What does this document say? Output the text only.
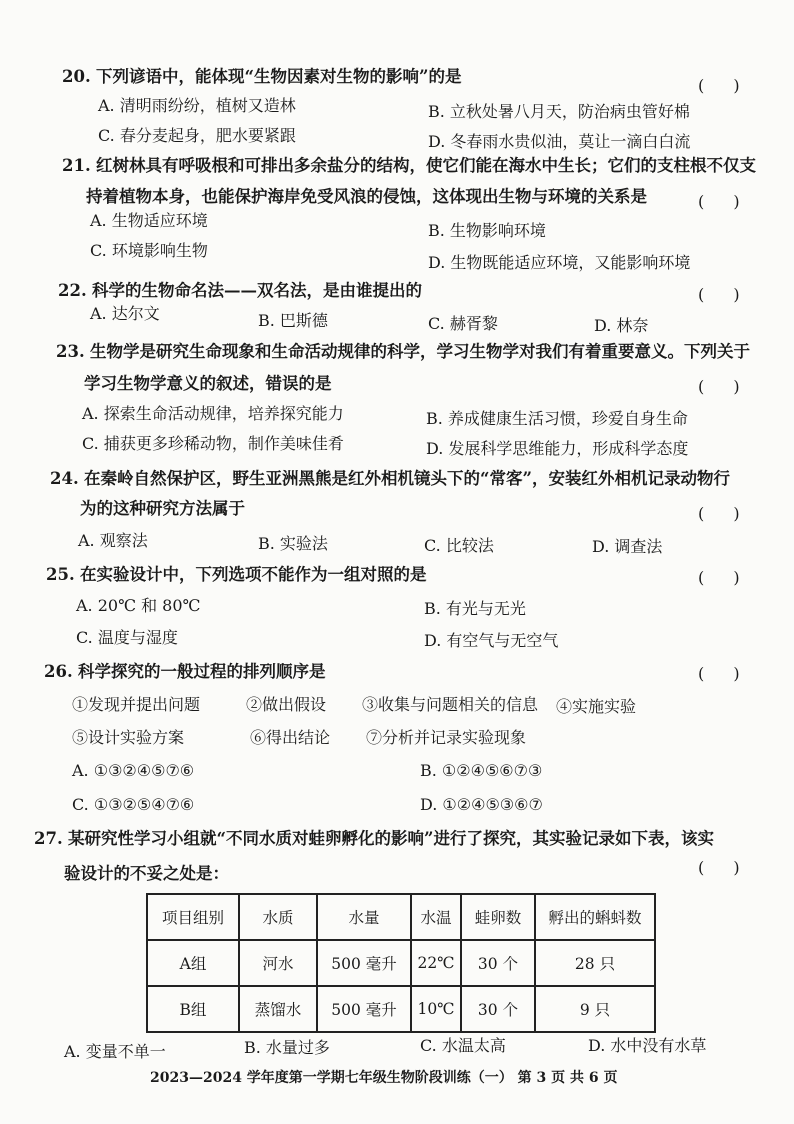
20. 下列谚语中，能体现“生物因素对生物的影响”的是	( )
A. 清明雨纷纷，植树又造林	B. 立秋处暑八月天，防治病虫管好棉
C. 春分麦起身，肥水要紧跟	D. 冬春雨水贵似油，莫让一滴白白流
21. 红树林具有呼吸根和可排出多余盐分的结构，使它们能在海水中生长；它们的支柱根不仅支
持着植物本身，也能保护海岸免受风浪的侵蚀，这体现出生物与环境的关系是	( )
A. 生物适应环境
B. 生物影响环境
C. 环境影响生物
D. 生物既能适应环境，又能影响环境
22. 科学的生物命名法——双名法，是由谁提出的	( )
A. 达尔文	B. 巴斯德	C. 赫胥黎	D. 林奈
23. 生物学是研究生命现象和生命活动规律的科学，学习生物学对我们有着重要意义。下列关于
学习生物学意义的叙述，错误的是	( )
A. 探索生命活动规律，培养探究能力	B. 养成健康生活习惯，珍爱自身生命
C. 捕获更多珍稀动物，制作美味佳肴	D. 发展科学思维能力，形成科学态度
24. 在秦岭自然保护区，野生亚洲黑熊是红外相机镜头下的“常客”，安装红外相机记录动物行
为的这种研究方法属于	( )
A. 观察法	B. 实验法	C. 比较法	D. 调查法
25. 在实验设计中，下列选项不能作为一组对照的是	( )
A. 20℃ 和 80℃	B. 有光与无光
C. 温度与湿度	D. 有空气与无空气
26. 科学探究的一般过程的排列顺序是	( )
①发现并提出问题	②做出假设 ③收集与问题相关的信息 ④实施实验
⑤设计实验方案	⑥得出结论 ⑦分析并记录实验现象
A. ①③②④⑤⑦⑥	B. ①②④⑤⑥⑦③
C. ①③②⑤④⑦⑥	D. ①②④⑤③⑥⑦
27. 某研究性学习小组就“不同水质对蛙卵孵化的影响”进行了探究，其实验记录如下表，该实
验设计的不妥之处是：	( )
项目组别	水质	水量	水温	蛙卵数	孵出的蝌蚪数
A组	河水	500 毫升	22℃	30 个	28 只
B组	蒸馏水	500 毫升	10℃	30 个	9 只
A. 变量不单一	B. 水量过多	C. 水温太高	D. 水中没有水草
2023—2024 学年度第一学期七年级生物阶段训练（一） 第 3 页 共 6 页
